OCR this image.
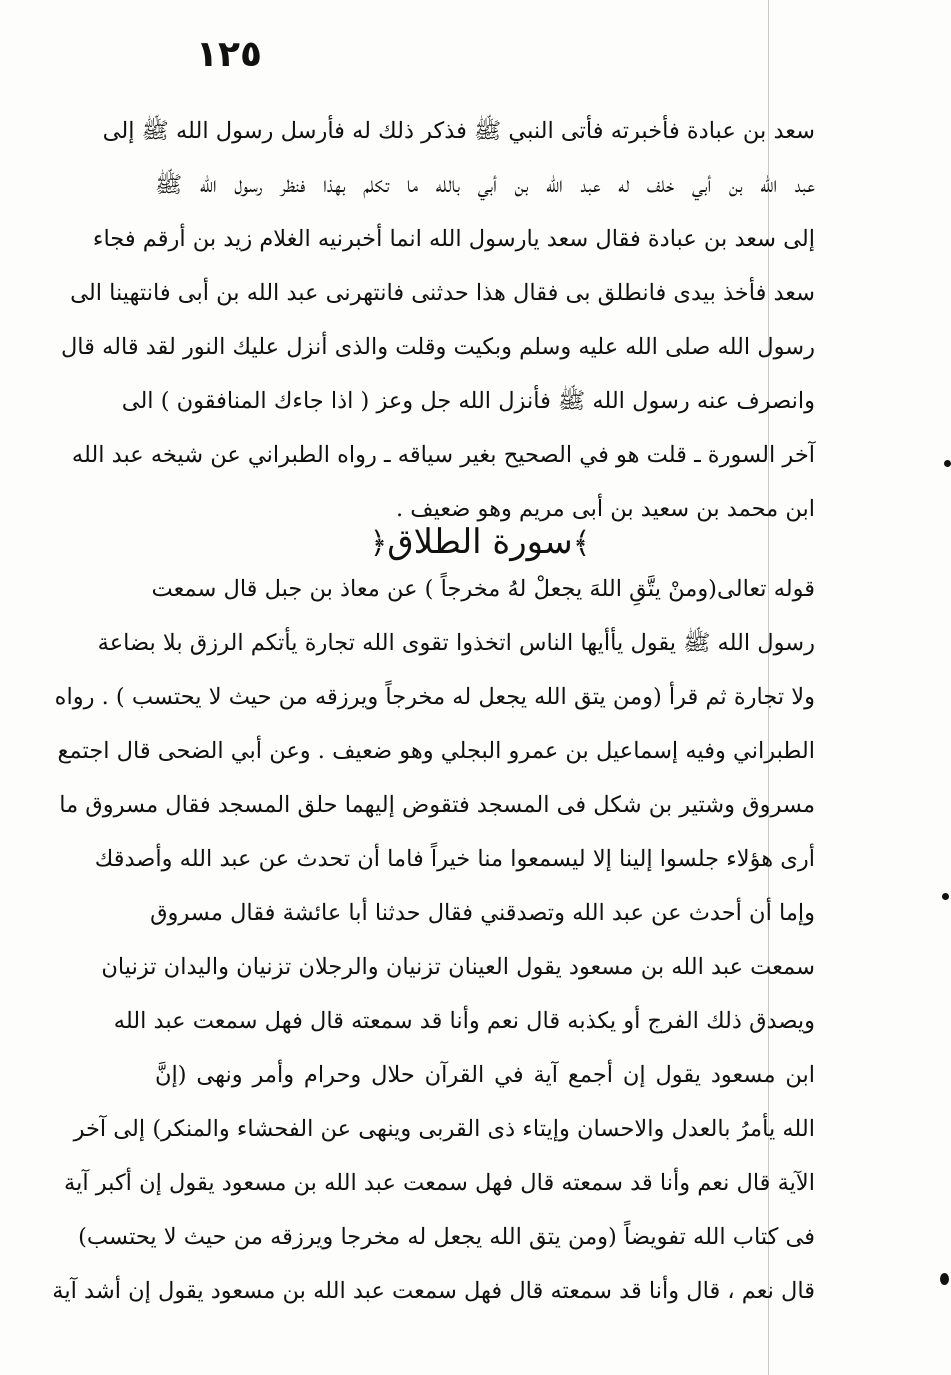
١٢٥
سعد بن عبادة فأخبرته فأتى النبي ﷺ فذكر ذلك له فأرسل رسول الله ﷺ إلى
عبد الله بن أبي خلف له عبد الله بن أبي بالله ما تكلم بهذا فنظر رسول الله ﷺ
إلى سعد بن عبادة فقال سعد يارسول الله انما أخبرنيه الغلام زيد بن أرقم فجاء
سعد فأخذ بيدى فانطلق بى فقال هذا حدثنى فانتهرنى عبد الله بن أبى فانتهينا الى
رسول الله صلى الله عليه وسلم وبكيت وقلت والذى أنزل عليك النور لقد قاله قال
وانصرف عنه رسول الله ﷺ فأنزل الله جل وعز ( اذا جاءك المنافقون ) الى
آخر السورة ـ قلت هو في الصحيح بغير سياقه ـ رواه الطبراني عن شيخه عبد الله
ابن محمد بن سعيد بن أبى مريم وهو ضعيف .
﴾سورة الطلاق﴿
قوله تعالى(ومنْ يتَّقِ اللهَ يجعلْ لهُ مخرجاً ) عن معاذ بن جبل قال سمعت
رسول الله ﷺ يقول يأأيها الناس اتخذوا تقوى الله تجارة يأتكم الرزق بلا بضاعة
ولا تجارة ثم قرأ (ومن يتق الله يجعل له مخرجاً ويرزقه من حيث لا يحتسب ) . رواه
الطبراني وفيه إسماعيل بن عمرو البجلي وهو ضعيف . وعن أبي الضحى قال اجتمع
مسروق وشتير بن شكل فى المسجد فتقوض إليهما حلق المسجد فقال مسروق ما
أرى هؤلاء جلسوا إلينا إلا ليسمعوا منا خيراً فاما أن تحدث عن عبد الله وأصدقك
وإما أن أحدث عن عبد الله وتصدقني فقال حدثنا أبا عائشة فقال مسروق
سمعت عبد الله بن مسعود يقول العينان تزنيان والرجلان تزنيان واليدان تزنيان
ويصدق ذلك الفرج أو يكذبه قال نعم وأنا قد سمعته قال فهل سمعت عبد الله
ابن مسعود يقول إن أجمع آية في القرآن حلال وحرام وأمر ونهى (إنَّ
الله يأمرُ بالعدل والاحسان وإيتاء ذى القربى وينهى عن الفحشاء والمنكر) إلى آخر
الآية قال نعم وأنا قد سمعته قال فهل سمعت عبد الله بن مسعود يقول إن أكبر آية
فى كتاب الله تفويضاً (ومن يتق الله يجعل له مخرجا ويرزقه من حيث لا يحتسب)
قال نعم ، قال وأنا قد سمعته قال فهل سمعت عبد الله بن مسعود يقول إن أشد آية
